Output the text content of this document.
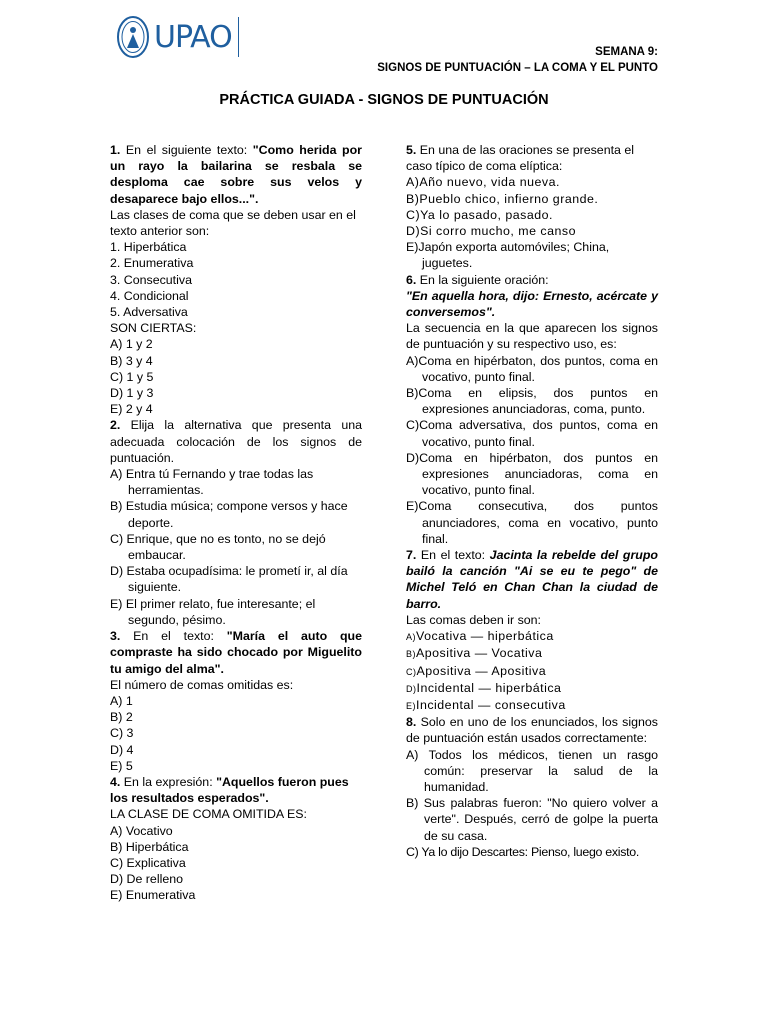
UPAO	SEMANA 9:
SIGNOS DE PUNTUACIÓN – LA COMA Y EL PUNTO
PRÁCTICA GUIADA - SIGNOS DE PUNTUACIÓN

1. En el siguiente texto: "Como herida por un rayo la bailarina se resbala se desploma cae sobre sus velos y desaparece bajo ellos...".

Las clases de coma que se deben usar en el texto anterior son:

1. Hiperbática

2. Enumerativa

3. Consecutiva

4. Condicional

5. Adversativa

SON CIERTAS:

A) 1 y 2

B) 3 y 4

C) 1 y 5

D) 1 y 3

E) 2 y 4

2. Elija la alternativa que presenta una adecuada colocación de los signos de puntuación.

A) Entra tú Fernando y trae todas las herramientas.

B) Estudia música; compone versos y hace deporte.

C) Enrique, que no es tonto, no se dejó embaucar.

D) Estaba ocupadísima: le prometí ir, al día siguiente.

E) El primer relato, fue interesante; el segundo, pésimo.

3. En el texto: "María el auto que compraste ha sido chocado por Miguelito tu amigo del alma".

El número de comas omitidas es:

A) 1

B) 2

C) 3

D) 4

E) 5

4. En la expresión: "Aquellos fueron pues los resultados esperados".

LA CLASE DE COMA OMITIDA ES:

A) Vocativo

B) Hiperbática

C) Explicativa

D) De relleno

E) Enumerativa

5. En una de las oraciones se presenta el caso típico de coma elíptica:

A)Año nuevo, vida nueva.

B)Pueblo chico, infierno grande.

C)Ya lo pasado, pasado.

D)Si corro mucho, me canso

E)Japón exporta automóviles; China, juguetes.

6. En la siguiente oración:

"En aquella hora, dijo: Ernesto, acércate y conversemos".

La secuencia en la que aparecen los signos de puntuación y su respectivo uso, es:

A)Coma en hipérbaton, dos puntos, coma en vocativo, punto final.

B)Coma en elipsis, dos puntos en expresiones anunciadoras, coma, punto.

C)Coma adversativa, dos puntos, coma en vocativo, punto final.

D)Coma en hipérbaton, dos puntos en expresiones anunciadoras, coma en vocativo, punto final.

E)Coma consecutiva, dos puntos anunciadores, coma en vocativo, punto final.

7. En el texto: Jacinta la rebelde del grupo bailó la canción "Ai se eu te pego" de Michel Teló en Chan Chan la ciudad de barro.

Las comas deben ir son:

A)Vocativa — hiperbática

B)Apositiva — Vocativa

C)Apositiva — Apositiva

D)Incidental — hiperbática

E)Incidental — consecutiva

8. Solo en uno de los enunciados, los signos de puntuación están usados correctamente:

A) Todos los médicos, tienen un rasgo común: preservar la salud de la humanidad.

B) Sus palabras fueron: "No quiero volver a verte". Después, cerró de golpe la puerta de su casa.

C) Ya lo dijo Descartes: Pienso, luego existo.
